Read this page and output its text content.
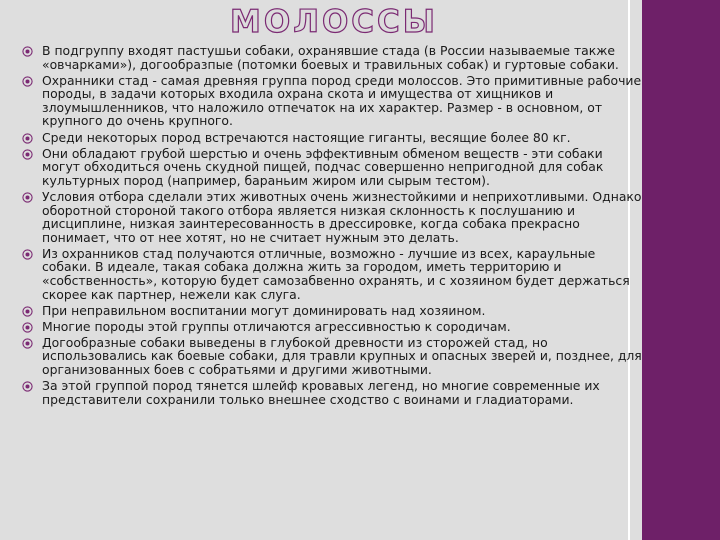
МОЛОССЫ
В подгруппу входят пастушьи собаки, охранявшие стада (в России называемые также «овчарками»), догообразпые (потомки боевых и травильных собак) и гуртовые собаки.
Охранники стад - самая древняя группа пород среди молоссов. Это примитивные рабочие породы, в задачи которых входила охрана скота и имущества от хищников и злоумышленников, что наложило отпечаток на их характер. Размер - в основном, от крупного до очень крупного.
Среди некоторых пород встречаются настоящие гиганты, весящие более 80 кг.
Они обладают грубой шерстью и очень эффективным обменом веществ - эти собаки могут обходиться очень скудной пищей, подчас совершенно непригодной для собак культурных пород (например, бараньим жиром или сырым тестом).
Условия отбора сделали этих животных очень жизнестойкими и неприхотливыми. Однако оборотной стороной такого отбора является низкая склонность к послушанию и дисциплине, низкая заинтересованность в дрессировке, когда собака прекрасно понимает, что от нее хотят, но не считает нужным это делать.
Из охранников стад получаются отличные, возможно - лучшие из всех, караульные собаки. В идеале, такая собака должна жить за городом, иметь территорию и «собственность», которую будет самозабвенно охранять, и с хозяином будет держаться скорее как партнер, нежели как слуга.
При неправильном воспитании могут доминировать над хозяином.
Многие породы этой группы отличаются агрессивностью к сородичам.
Догообразные собаки выведены в глубокой древности из сторожей стад, но использовались как боевые собаки, для травли крупных и опасных зверей и, позднее, для организованных боев с собратьями и другими животными.
За этой группой пород тянется шлейф кровавых легенд, но многие современные их представители сохранили только внешнее сходство с воинами и гладиаторами.
